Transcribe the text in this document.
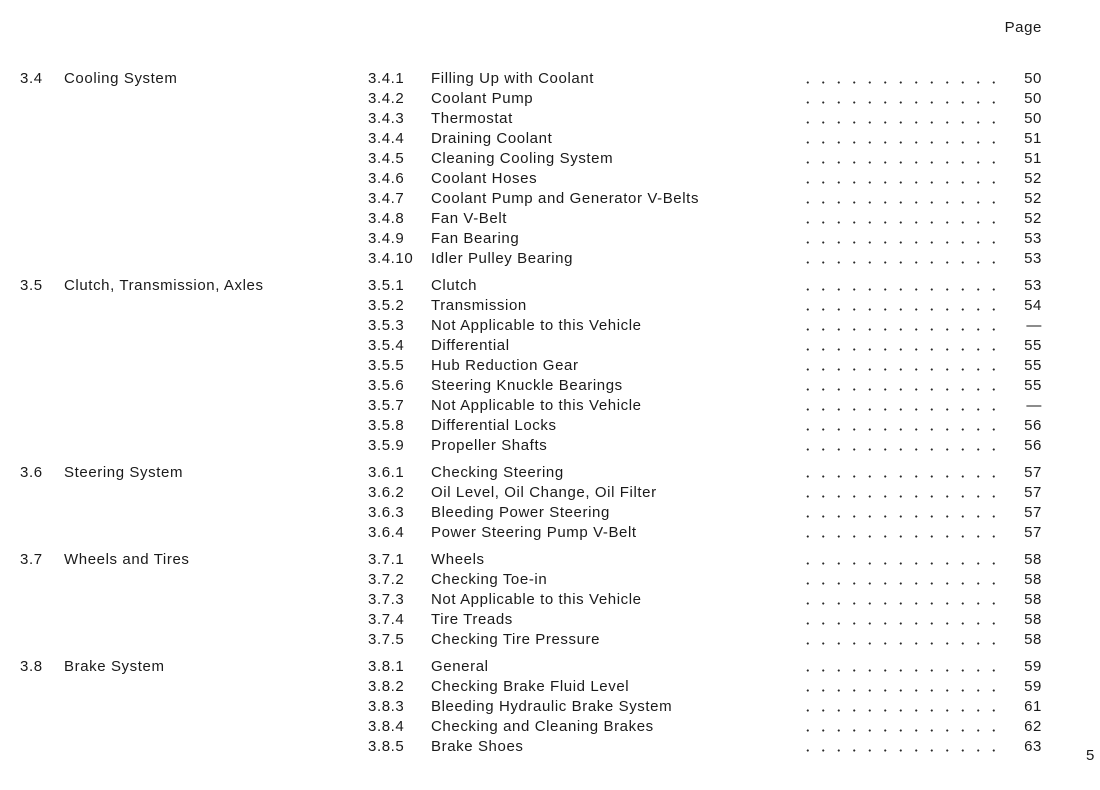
Page
3.4 Cooling System	3.4.1 Filling Up with Coolant	50
3.4.2 Coolant Pump	50
3.4.3 Thermostat	50
3.4.4 Draining Coolant	51
3.4.5 Cleaning Cooling System	51
3.4.6 Coolant Hoses	52
3.4.7 Coolant Pump and Generator V-Belts	52
3.4.8 Fan V-Belt	52
3.4.9 Fan Bearing	53
3.4.10 Idler Pulley Bearing	53
3.5 Clutch, Transmission, Axles	3.5.1 Clutch	53
3.5.2 Transmission	54
3.5.3 Not Applicable to this Vehicle	—
3.5.4 Differential	55
3.5.5 Hub Reduction Gear	55
3.5.6 Steering Knuckle Bearings	55
3.5.7 Not Applicable to this Vehicle	—
3.5.8 Differential Locks	56
3.5.9 Propeller Shafts	56
3.6 Steering System	3.6.1 Checking Steering	57
3.6.2 Oil Level, Oil Change, Oil Filter	57
3.6.3 Bleeding Power Steering	57
3.6.4 Power Steering Pump V-Belt	57
3.7 Wheels and Tires	3.7.1 Wheels	58
3.7.2 Checking Toe-in	58
3.7.3 Not Applicable to this Vehicle	58
3.7.4 Tire Treads	58
3.7.5 Checking Tire Pressure	58
3.8 Brake System	3.8.1 General	59
3.8.2 Checking Brake Fluid Level	59
3.8.3 Bleeding Hydraulic Brake System	61
3.8.4 Checking and Cleaning Brakes	62
3.8.5 Brake Shoes	63
5
